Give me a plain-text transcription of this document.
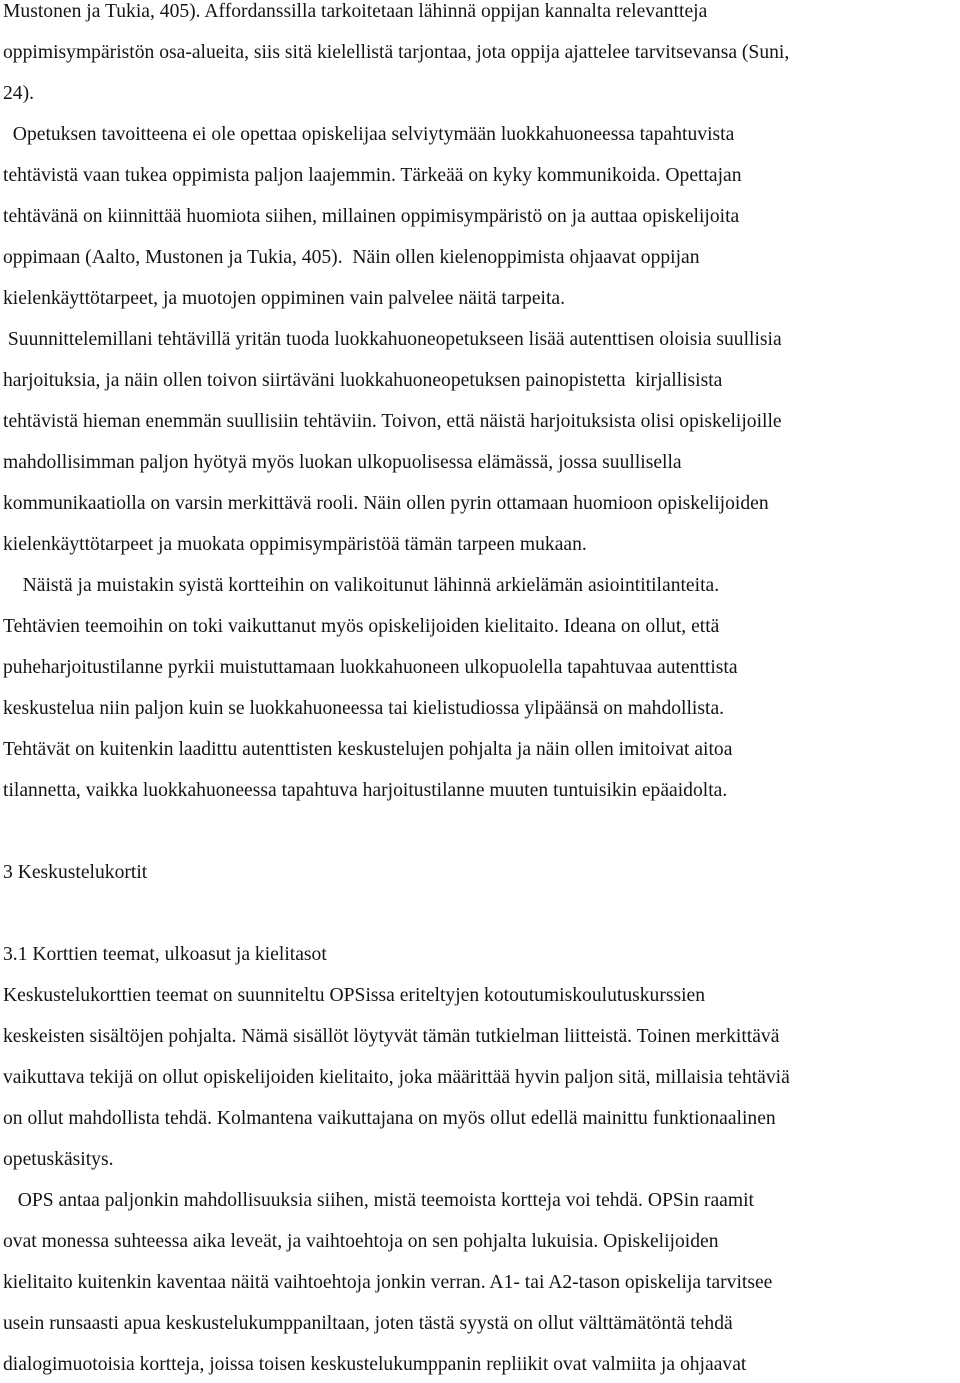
Mustonen ja Tukia, 405). Affordanssilla tarkoitetaan lähinnä oppijan kannalta relevantteja
oppimisympäristön osa-alueita, siis sitä kielellistä tarjontaa, jota oppija ajattelee tarvitsevansa (Suni,
24).
Opetuksen tavoitteena ei ole opettaa opiskelijaa selviytymään luokkahuoneessa tapahtuvista
tehtävistä vaan tukea oppimista paljon laajemmin. Tärkeää on kyky kommunikoida. Opettajan
tehtävänä on kiinnittää huomiota siihen, millainen oppimisympäristö on ja auttaa opiskelijoita
oppimaan (Aalto, Mustonen ja Tukia, 405).  Näin ollen kielenoppimista ohjaavat oppijan
kielenkäyttötarpeet, ja muotojen oppiminen vain palvelee näitä tarpeita.
Suunnittelemillani tehtävillä yritän tuoda luokkahuoneopetukseen lisää autenttisen oloisia suullisia
harjoituksia, ja näin ollen toivon siirtäväni luokkahuoneopetuksen painopistetta  kirjallisista
tehtävistä hieman enemmän suullisiin tehtäviin. Toivon, että näistä harjoituksista olisi opiskelijoille
mahdollisimman paljon hyötyä myös luokan ulkopuolisessa elämässä, jossa suullisella
kommunikaatiolla on varsin merkittävä rooli. Näin ollen pyrin ottamaan huomioon opiskelijoiden
kielenkäyttötarpeet ja muokata oppimisympäristöä tämän tarpeen mukaan.
Näistä ja muistakin syistä kortteihin on valikoitunut lähinnä arkielämän asiointitilanteita.
Tehtävien teemoihin on toki vaikuttanut myös opiskelijoiden kielitaito. Ideana on ollut, että
puheharjoitustilanne pyrkii muistuttamaan luokkahuoneen ulkopuolella tapahtuvaa autenttista
keskustelua niin paljon kuin se luokkahuoneessa tai kielistudiossa ylipäänsä on mahdollista.
Tehtävät on kuitenkin laadittu autenttisten keskustelujen pohjalta ja näin ollen imitoivat aitoa
tilannetta, vaikka luokkahuoneessa tapahtuva harjoitustilanne muuten tuntuisikin epäaidolta.
3 Keskustelukortit
3.1 Korttien teemat, ulkoasut ja kielitasot
Keskustelukorttien teemat on suunniteltu OPSissa eriteltyjen kotoutumiskoulutuskurssien
keskeisten sisältöjen pohjalta. Nämä sisällöt löytyvät tämän tutkielman liitteistä. Toinen merkittävä
vaikuttava tekijä on ollut opiskelijoiden kielitaito, joka määrittää hyvin paljon sitä, millaisia tehtäviä
on ollut mahdollista tehdä. Kolmantena vaikuttajana on myös ollut edellä mainittu funktionaalinen
opetuskäsitys.
OPS antaa paljonkin mahdollisuuksia siihen, mistä teemoista kortteja voi tehdä. OPSin raamit
ovat monessa suhteessa aika leveät, ja vaihtoehtoja on sen pohjalta lukuisia. Opiskelijoiden
kielitaito kuitenkin kaventaa näitä vaihtoehtoja jonkin verran. A1- tai A2-tason opiskelija tarvitsee
usein runsaasti apua keskustelukumppaniltaan, joten tästä syystä on ollut välttämätöntä tehdä
dialogimuotoisia kortteja, joissa toisen keskustelukumppanin repliikit ovat valmiita ja ohjaavat
